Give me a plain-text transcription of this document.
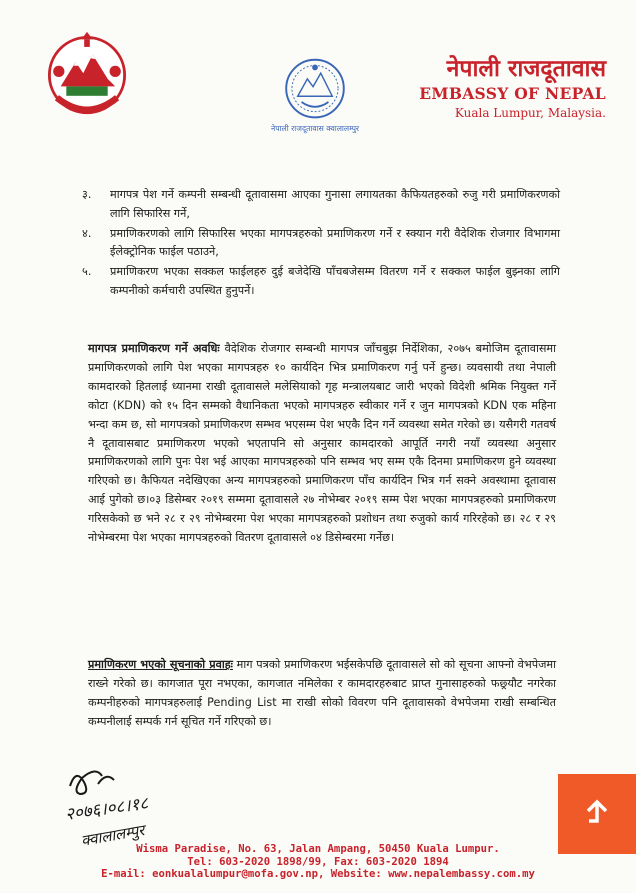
नेपाली राजदूतावास क्वालालम्पुर
नेपाली राजदूतावास
EMBASSY OF NEPAL
Kuala Lumpur, Malaysia.
३.	मागपत्र पेश गर्ने कम्पनी सम्बन्धी दूतावासमा आएका गुनासा लगायतका कैफियतहरुको रुजु गरी प्रमाणिकरणको लागि सिफारिस गर्ने,
४.	प्रमाणिकरणको लागि सिफारिस भएका मागपत्रहरुको प्रमाणिकरण गर्ने र स्क्यान गरी वैदेशिक रोजगार विभागमा ईलेक्ट्रोनिक फाईल पठाउने,
५.	प्रमाणिकरण भएका सक्कल फाईलहरु दुई बजेदेखि पाँचबजेसम्म वितरण गर्ने र सक्कल फाईल बुझ्नका लागि कम्पनीको कर्मचारी उपस्थित हुनुपर्ने।
मागपत्र प्रमाणिकरण गर्ने अवधिः वैदेशिक रोजगार सम्बन्धी मागपत्र जाँचबुझ निर्देशिका, २०७५ बमोजिम दूतावासमा प्रमाणिकरणको लागि पेश भएका मागपत्रहरु १० कार्यदिन भित्र प्रमाणिकरण गर्नु पर्ने हुन्छ। व्यवसायी तथा नेपाली कामदारको हितलाई ध्यानमा राखी दूतावासले मलेसियाको गृह मन्त्रालयबाट जारी भएको विदेशी श्रमिक नियुक्त गर्ने कोटा (KDN) को १५ दिन सम्मको वैधानिकता भएको मागपत्रहरु स्वीकार गर्ने र जुन मागपत्रको KDN एक महिना भन्दा कम छ, सो मागपत्रको प्रमाणिकरण सम्भव भएसम्म पेश भएकै दिन गर्ने व्यवस्था समेत गरेको छ। यसैगरी गतवर्ष नै दूतावासबाट प्रमाणिकरण भएको भएतापनि सो अनुसार कामदारको आपूर्ति नगरी नयाँ व्यवस्था अनुसार प्रमाणिकरणको लागि पुनः पेश भई आएका मागपत्रहरुको पनि सम्भव भए सम्म एकै दिनमा प्रमाणिकरण हुने व्यवस्था गरिएको छ। कैफियत नदेखिएका अन्य मागपत्रहरुको प्रमाणिकरण पाँच कार्यदिन भित्र गर्न सक्ने अवस्थामा दूतावास आई पुगेको छ।०३ डिसेम्बर २०१९ सम्ममा दूतावासले २७ नोभेम्बर २०१९ सम्म पेश भएका मागपत्रहरुको प्रमाणिकरण गरिसकेको छ भने २८ र २९ नोभेम्बरमा पेश भएका मागपत्रहरुको प्रशोधन तथा रुजुको कार्य गरिरहेको छ। २८ र २९ नोभेम्बरमा पेश भएका मागपत्रहरुको वितरण दूतावासले ०४ डिसेम्बरमा गर्नेछ।
प्रमाणिकरण भएको सूचनाको प्रवाहः माग पत्रको प्रमाणिकरण भईसकेपछि दूतावासले सो को सूचना आफ्नो वेभपेजमा राख्ने गरेको छ। कागजात पूरा नभएका, कागजात नमिलेका र कामदारहरुबाट प्राप्त गुनासाहरुको फछ्र्यौट नगरेका कम्पनीहरुको मागपत्रहरुलाई Pending List मा राखी सोको विवरण पनि दूतावासको वेभपेजमा राखी सम्बन्धित कम्पनीलाई सम्पर्क गर्न सूचित गर्ने गरिएको छ।
२०७६।०८।१८
क्वालालम्पुर
Wisma Paradise, No. 63, Jalan Ampang, 50450 Kuala Lumpur.
Tel: 603-2020 1898/99, Fax: 603-2020 1894
E-mail: eonkualalumpur@mofa.gov.np, Website: www.nepalembassy.com.my
